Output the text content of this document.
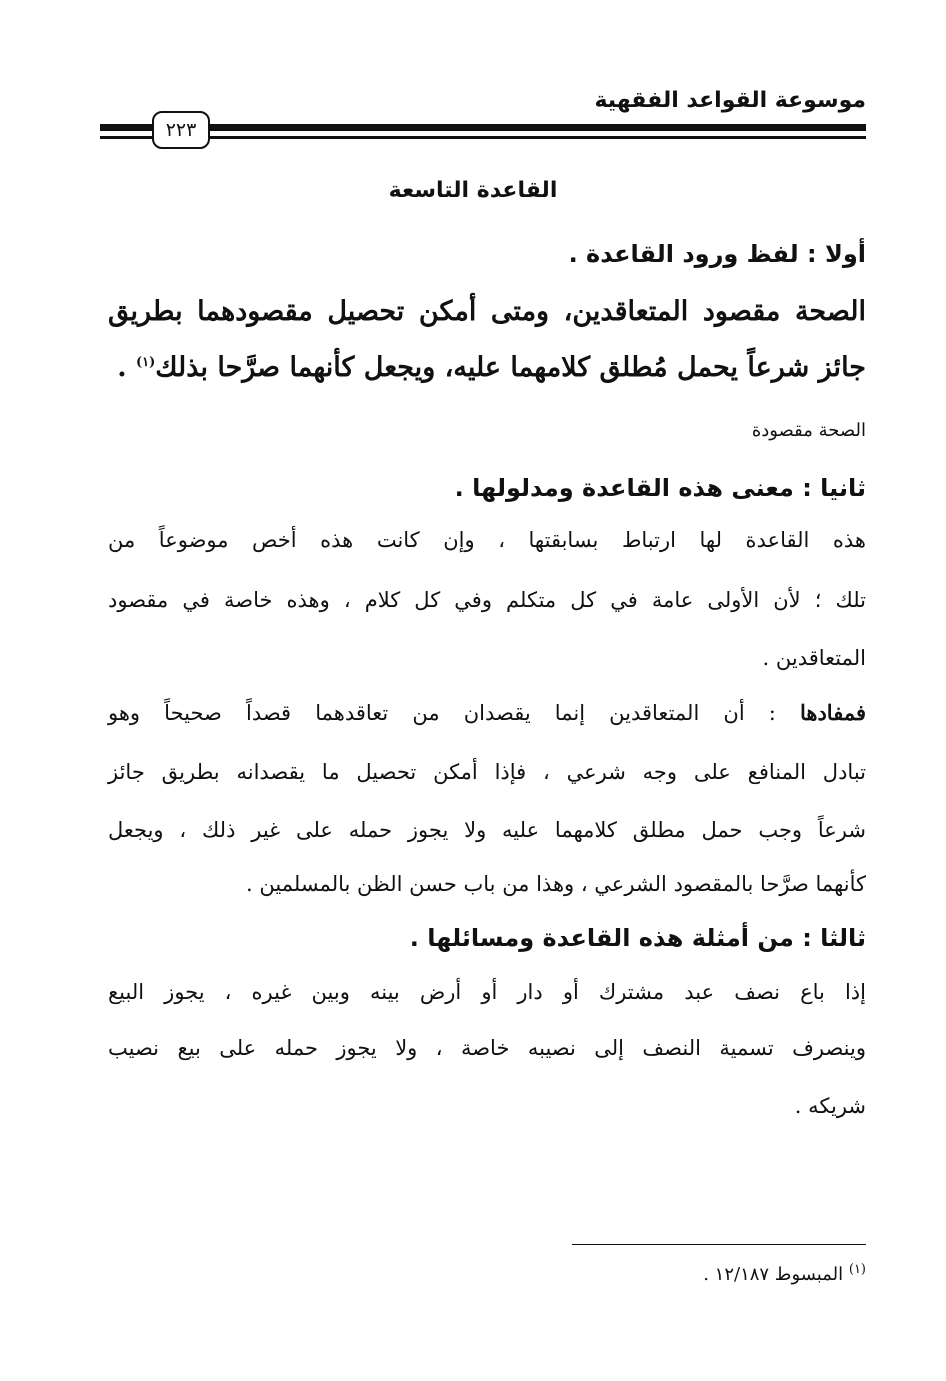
موسوعة القواعد الفقهية
٢٢٣
القاعدة التاسعة
أولا : لفظ ورود القاعدة .
الصحة مقصود المتعاقدين، ومتى أمكن تحصيل مقصودهما بطريق
جائز شرعاً يحمل مُطلق كلامهما عليه، ويجعل كأنهما صرَّحا بذلك$^{(١)}$ .
الصحة مقصودة
ثانيا : معنى هذه القاعدة ومدلولها .
هذه القاعدة لها ارتباط بسابقتها ، وإن كانت هذه أخص موضوعاً من
تلك ؛ لأن الأولى عامة في كل متكلم وفي كل كلام ، وهذه خاصة في مقصود
المتعاقدين .
فمفادها : أن المتعاقدين إنما يقصدان من تعاقدهما قصداً صحيحاً وهو
تبادل المنافع على وجه شرعي ، فإذا أمكن تحصيل ما يقصدانه بطريق جائز
شرعاً وجب حمل مطلق كلامهما عليه ولا يجوز حمله على غير ذلك ، ويجعل
كأنهما صرَّحا بالمقصود الشرعي ، وهذا من باب حسن الظن بالمسلمين .
ثالثا : من أمثلة هذه القاعدة ومسائلها .
إذا باع نصف عبد مشترك أو دار أو أرض بينه وبين غيره ، يجوز البيع
وينصرف تسمية النصف إلى نصيبه خاصة ، ولا يجوز حمله على بيع نصيب
شريكه .
$^{(١)}$ المبسوط ١٢/١٨٧ .
